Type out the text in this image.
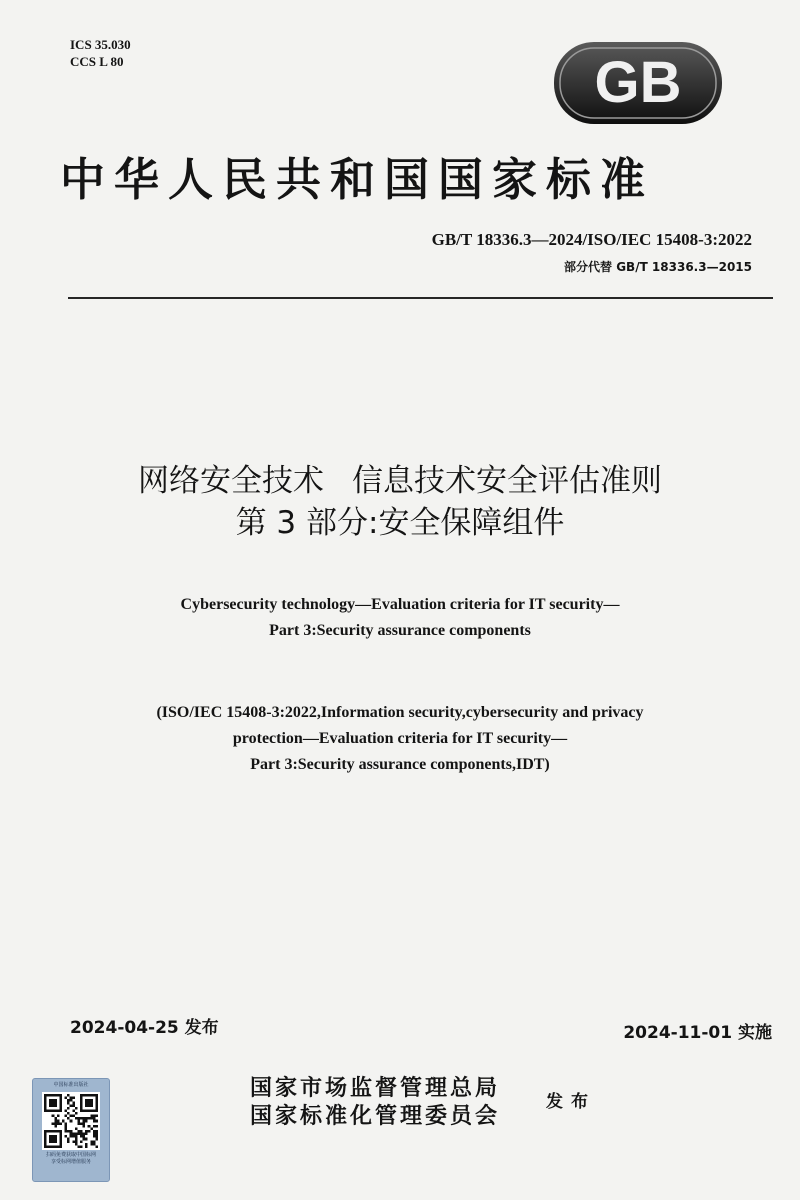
ICS 35.030
CCS L 80	GB
中华人民共和国国家标准
GB/T 18336.3—2024/ISO/IEC 15408-3:2022
部分代替 GB/T 18336.3—2015
网络安全技术 信息技术安全评估准则
第 3 部分:安全保障组件
Cybersecurity technology—Evaluation criteria for IT security—
Part 3:Security assurance components
(ISO/IEC 15408-3:2022,Information security,cybersecurity and privacy
protection—Evaluation criteria for IT security—
Part 3:Security assurance components,IDT)
2024-04-25 发布	2024-11-01 实施
中国标准出版社
扫码免费获取中国标网
享受标网增值服务
国家市场监督管理总局
国家标准化管理委员会
发布
